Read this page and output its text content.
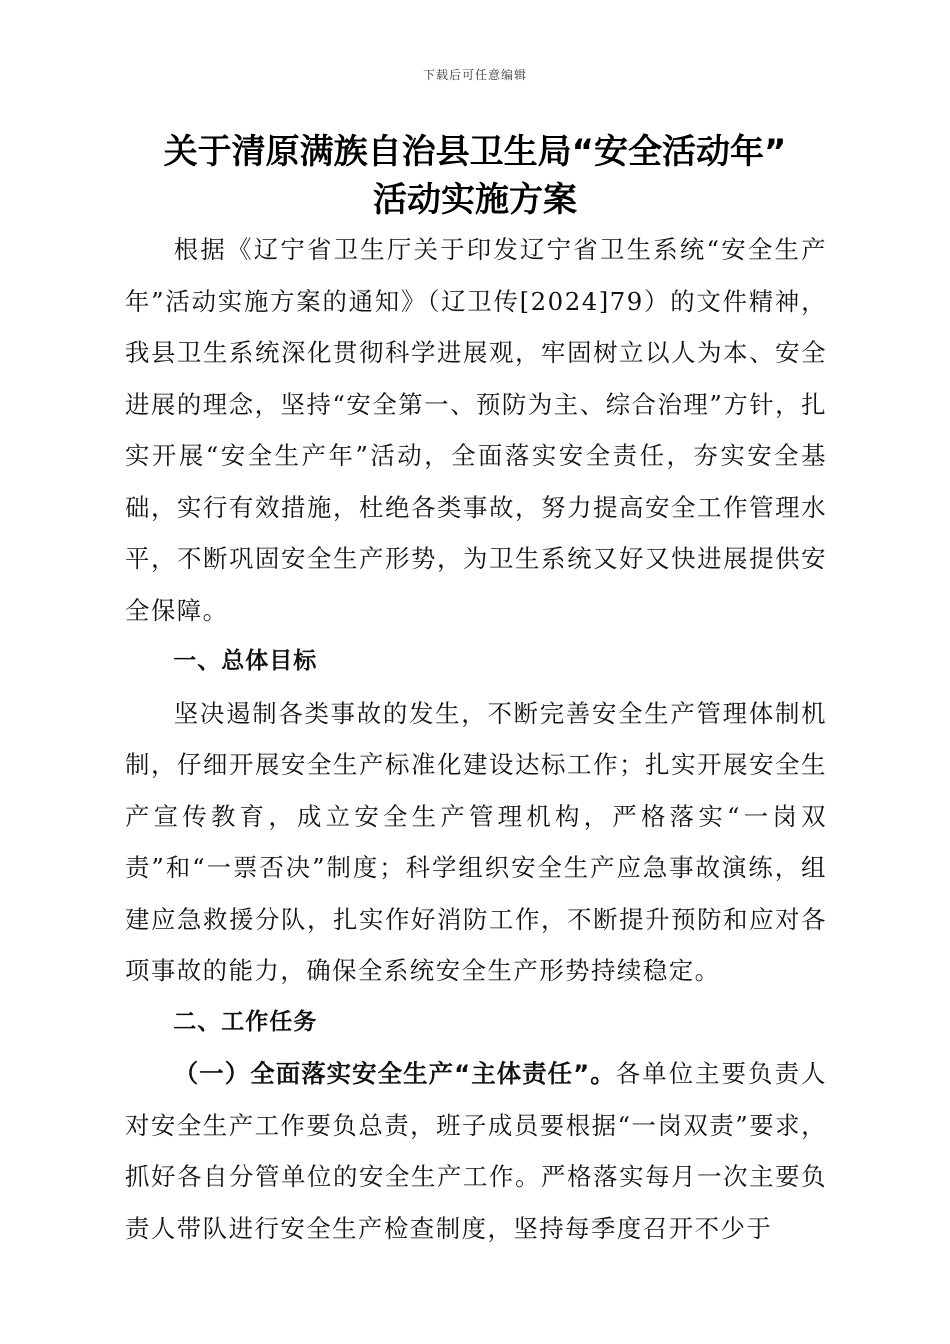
下载后可任意编辑
关于清原满族自治县卫生局“安全活动年”
活动实施方案

根据《辽宁省卫生厅关于印发辽宁省卫生系统“安全生产年”活动实施方案的通知》（辽卫传[2024]79）的文件精神，我县卫生系统深化贯彻科学进展观，牢固树立以人为本、安全进展的理念，坚持“安全第一、预防为主、综合治理”方针，扎实开展“安全生产年”活动，全面落实安全责任，夯实安全基础，实行有效措施，杜绝各类事故，努力提高安全工作管理水平，不断巩固安全生产形势，为卫生系统又好又快进展提供安全保障。

一、总体目标

坚决遏制各类事故的发生，不断完善安全生产管理体制机制，仔细开展安全生产标准化建设达标工作；扎实开展安全生产宣传教育，成立安全生产管理机构，严格落实“一岗双责”和“一票否决”制度；科学组织安全生产应急事故演练，组建应急救援分队，扎实作好消防工作，不断提升预防和应对各项事故的能力，确保全系统安全生产形势持续稳定。

二、工作任务

（一）全面落实安全生产“主体责任”。各单位主要负责人对安全生产工作要负总责，班子成员要根据“一岗双责”要求，抓好各自分管单位的安全生产工作。严格落实每月一次主要负责人带队进行安全生产检查制度，坚持每季度召开不少于
